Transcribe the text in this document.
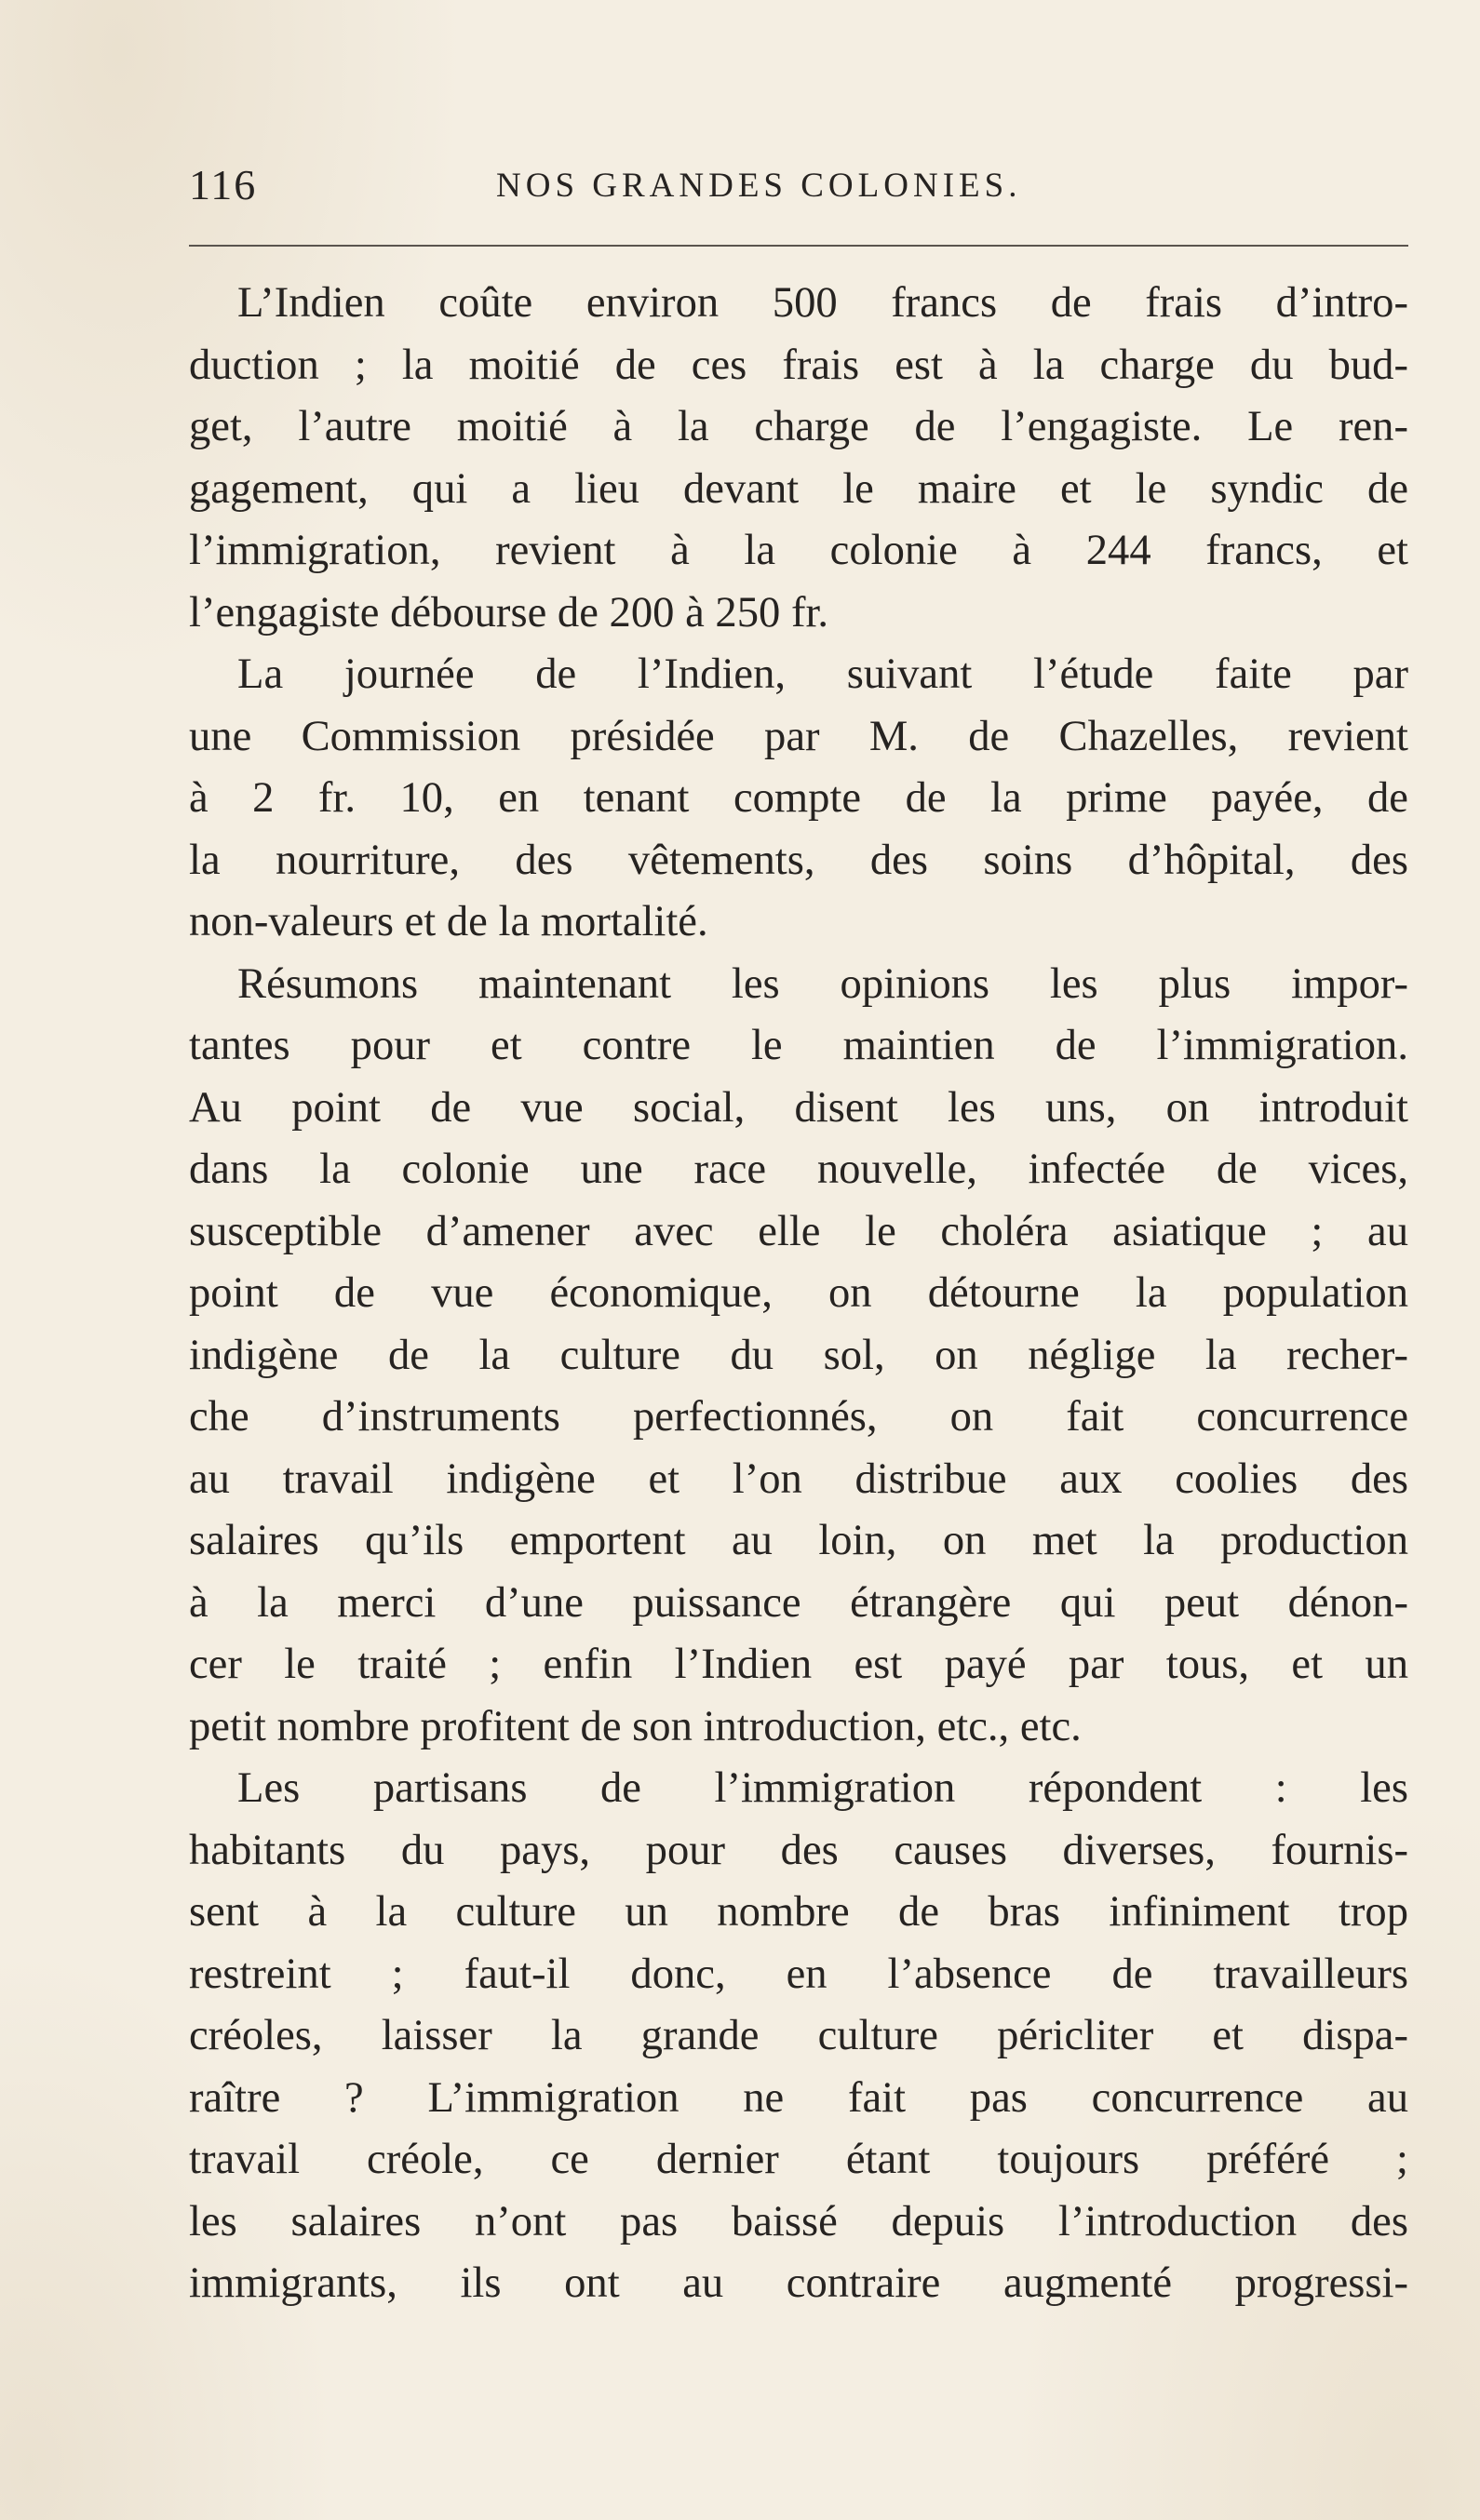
116	NOS GRANDES COLONIES.
L’Indien coûte environ 500 francs de frais d’intro-
duction ; la moitié de ces frais est à la charge du bud-
get, l’autre moitié à la charge de l’engagiste. Le ren-
gagement, qui a lieu devant le maire et le syndic de
l’immigration, revient à la colonie à 244 francs, et
l’engagiste débourse de 200 à 250 fr.
La journée de l’Indien, suivant l’étude faite par
une Commission présidée par M. de Chazelles, revient
à 2 fr. 10, en tenant compte de la prime payée, de
la nourriture, des vêtements, des soins d’hôpital, des
non-valeurs et de la mortalité.
Résumons maintenant les opinions les plus impor-
tantes pour et contre le maintien de l’immigration.
Au point de vue social, disent les uns, on introduit
dans la colonie une race nouvelle, infectée de vices,
susceptible d’amener avec elle le choléra asiatique ; au
point de vue économique, on détourne la population
indigène de la culture du sol, on néglige la recher-
che d’instruments perfectionnés, on fait concurrence
au travail indigène et l’on distribue aux coolies des
salaires qu’ils emportent au loin, on met la production
à la merci d’une puissance étrangère qui peut dénon-
cer le traité ; enfin l’Indien est payé par tous, et un
petit nombre profitent de son introduction, etc., etc.
Les partisans de l’immigration répondent : les
habitants du pays, pour des causes diverses, fournis-
sent à la culture un nombre de bras infiniment trop
restreint ; faut-il donc, en l’absence de travailleurs
créoles, laisser la grande culture péricliter et dispa-
raître ? L’immigration ne fait pas concurrence au
travail créole, ce dernier étant toujours préféré ;
les salaires n’ont pas baissé depuis l’introduction des
immigrants, ils ont au contraire augmenté progressi-
